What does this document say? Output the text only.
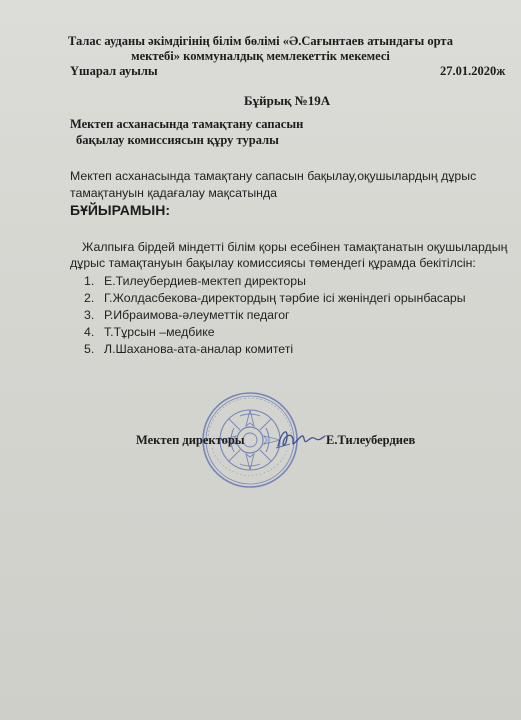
Талас ауданы әкімдігінің білім бөлімі «Ә.Сағынтаев атындағы орта
мектебі» коммуналдық мемлекеттік мекемесі
Үшарал ауылы	27.01.2020ж
Бұйрық №19А
Мектеп асханасында тамақтану сапасын
бақылау комиссиясын құру туралы
Мектеп асханасында тамақтану сапасын бақылау,оқушылардың дұрыс
тамақтануын қадағалау мақсатында
БҰЙЫРАМЫН:
Жалпыға бірдей міндетті білім қоры есебінен тамақтанатын оқушылардың
дұрыс тамақтануын бақылау комиссиясы төмендегі құрамда бекітілсін:
1. Е.Тилеубердиев-мектеп директоры
2. Г.Жолдасбекова-директордың тәрбие ісі жөніндегі орынбасары
3. Р.Ибраимова-әлеуметтік педагог
4. Т.Тұрсын –медбике
5. Л.Шаханова-ата-аналар комитеті
Мектеп директоры	Е.Тилеубердиев
